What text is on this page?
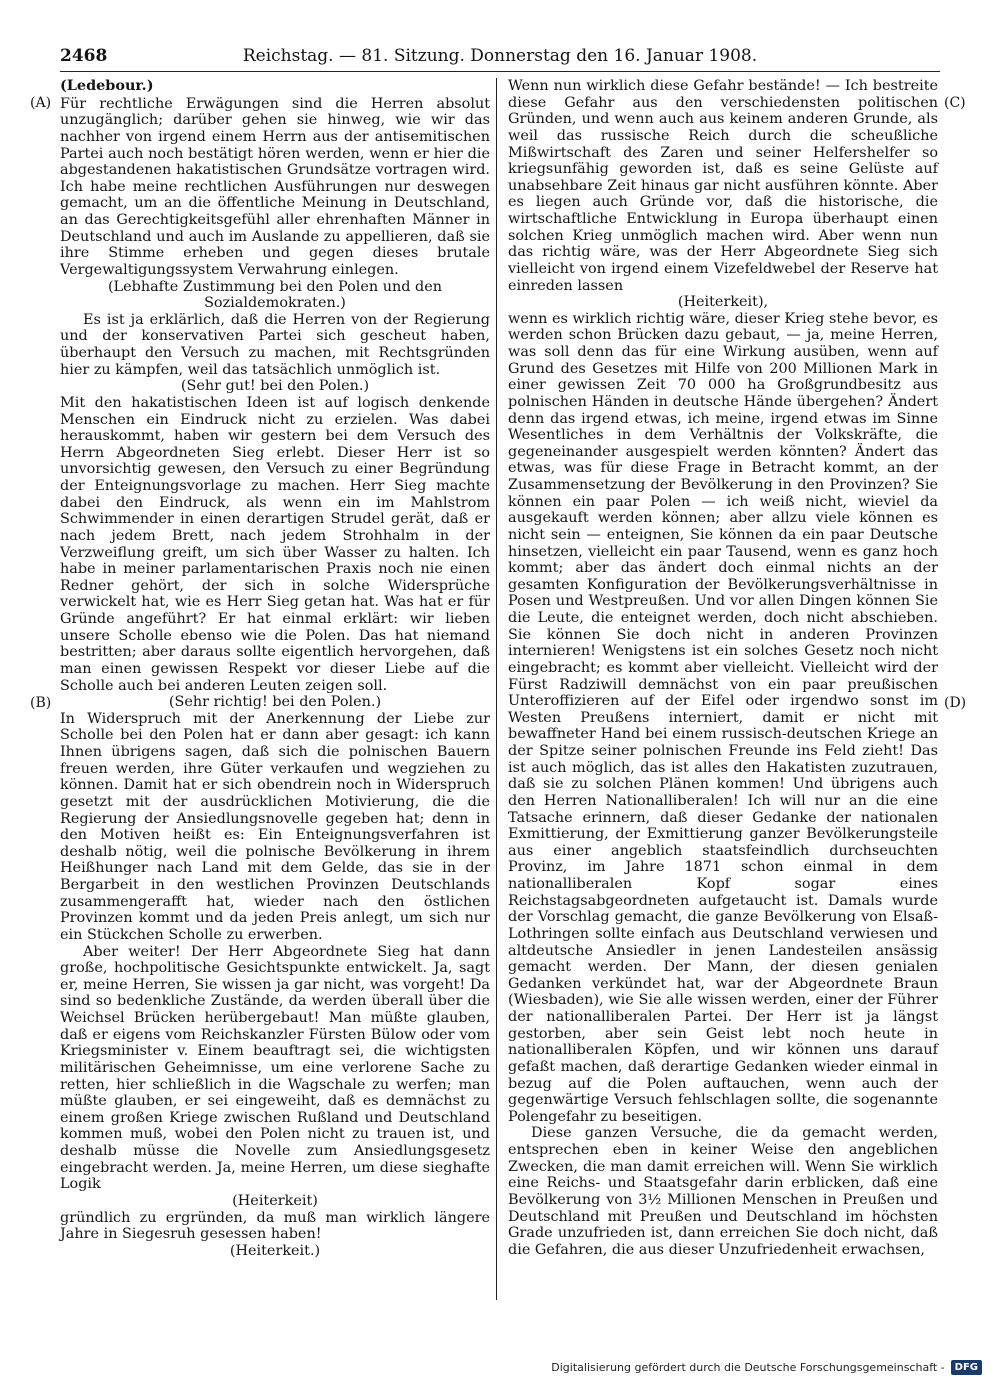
2468	Reichstag. — 81. Sitzung. Donnerstag den 16. Januar 1908.
(A)
(B)
(C)
(D)

(Ledebour.)

Für rechtliche Erwägungen sind die Herren absolut unzugänglich; darüber gehen sie hinweg, wie wir das nachher von irgend einem Herrn aus der antisemitischen Partei auch noch bestätigt hören werden, wenn er hier die abgestandenen hakatistischen Grundsätze vortragen wird. Ich habe meine rechtlichen Ausführungen nur deswegen gemacht, um an die öffentliche Meinung in Deutschland, an das Gerechtigkeitsgefühl aller ehrenhaften Männer in Deutschland und auch im Auslande zu appellieren, daß sie ihre Stimme erheben und gegen dieses brutale Vergewaltigungssystem Verwahrung einlegen.

(Lebhafte Zustimmung bei den Polen und den Sozialdemokraten.)

Es ist ja erklärlich, daß die Herren von der Regierung und der konservativen Partei sich gescheut haben, überhaupt den Versuch zu machen, mit Rechtsgründen hier zu kämpfen, weil das tatsächlich unmöglich ist.

(Sehr gut! bei den Polen.)

Mit den hakatistischen Ideen ist auf logisch denkende Menschen ein Eindruck nicht zu erzielen. Was dabei herauskommt, haben wir gestern bei dem Versuch des Herrn Abgeordneten Sieg erlebt. Dieser Herr ist so unvorsichtig gewesen, den Versuch zu einer Begründung der Enteignungsvorlage zu machen. Herr Sieg machte dabei den Eindruck, als wenn ein im Mahlstrom Schwimmender in einen derartigen Strudel gerät, daß er nach jedem Brett, nach jedem Strohhalm in der Verzweiflung greift, um sich über Wasser zu halten. Ich habe in meiner parlamentarischen Praxis noch nie einen Redner gehört, der sich in solche Widersprüche verwickelt hat, wie es Herr Sieg getan hat. Was hat er für Gründe angeführt? Er hat einmal erklärt: wir lieben unsere Scholle ebenso wie die Polen. Das hat niemand bestritten; aber daraus sollte eigentlich hervorgehen, daß man einen gewissen Respekt vor dieser Liebe auf die Scholle auch bei anderen Leuten zeigen soll.

(Sehr richtig! bei den Polen.)

In Widerspruch mit der Anerkennung der Liebe zur Scholle bei den Polen hat er dann aber gesagt: ich kann Ihnen übrigens sagen, daß sich die polnischen Bauern freuen werden, ihre Güter verkaufen und wegziehen zu können. Damit hat er sich obendrein noch in Widerspruch gesetzt mit der ausdrücklichen Motivierung, die die Regierung der Ansiedlungsnovelle gegeben hat; denn in den Motiven heißt es: Ein Enteignungsverfahren ist deshalb nötig, weil die polnische Bevölkerung in ihrem Heißhunger nach Land mit dem Gelde, das sie in der Bergarbeit in den westlichen Provinzen Deutschlands zusammengerafft hat, wieder nach den östlichen Provinzen kommt und da jeden Preis anlegt, um sich nur ein Stückchen Scholle zu erwerben.

Aber weiter! Der Herr Abgeordnete Sieg hat dann große, hochpolitische Gesichtspunkte entwickelt. Ja, sagt er, meine Herren, Sie wissen ja gar nicht, was vorgeht! Da sind so bedenkliche Zustände, da werden überall über die Weichsel Brücken herübergebaut! Man müßte glauben, daß er eigens vom Reichskanzler Fürsten Bülow oder vom Kriegsminister v. Einem beauftragt sei, die wichtigsten militärischen Geheimnisse, um eine verlorene Sache zu retten, hier schließlich in die Wagschale zu werfen; man müßte glauben, er sei eingeweiht, daß es demnächst zu einem großen Kriege zwischen Rußland und Deutschland kommen muß, wobei den Polen nicht zu trauen ist, und deshalb müsse die Novelle zum Ansiedlungsgesetz eingebracht werden. Ja, meine Herren, um diese sieghafte Logik

(Heiterkeit)

gründlich zu ergründen, da muß man wirklich längere Jahre in Siegesruh gesessen haben!

(Heiterkeit.)

Wenn nun wirklich diese Gefahr bestände! — Ich bestreite diese Gefahr aus den verschiedensten politischen Gründen, und wenn auch aus keinem anderen Grunde, als weil das russische Reich durch die scheußliche Mißwirtschaft des Zaren und seiner Helfershelfer so kriegsunfähig geworden ist, daß es seine Gelüste auf unabsehbare Zeit hinaus gar nicht ausführen könnte. Aber es liegen auch Gründe vor, daß die historische, die wirtschaftliche Entwicklung in Europa überhaupt einen solchen Krieg unmöglich machen wird. Aber wenn nun das richtig wäre, was der Herr Abgeordnete Sieg sich vielleicht von irgend einem Vizefeldwebel der Reserve hat einreden lassen

(Heiterkeit),

wenn es wirklich richtig wäre, dieser Krieg stehe bevor, es werden schon Brücken dazu gebaut, — ja, meine Herren, was soll denn das für eine Wirkung ausüben, wenn auf Grund des Gesetzes mit Hilfe von 200 Millionen Mark in einer gewissen Zeit 70 000 ha Großgrundbesitz aus polnischen Händen in deutsche Hände übergehen? Ändert denn das irgend etwas, ich meine, irgend etwas im Sinne Wesentliches in dem Verhältnis der Volkskräfte, die gegeneinander ausgespielt werden könnten? Ändert das etwas, was für diese Frage in Betracht kommt, an der Zusammensetzung der Bevölkerung in den Provinzen? Sie können ein paar Polen — ich weiß nicht, wieviel da ausgekauft werden können; aber allzu viele können es nicht sein — enteignen, Sie können da ein paar Deutsche hinsetzen, vielleicht ein paar Tausend, wenn es ganz hoch kommt; aber das ändert doch einmal nichts an der gesamten Konfiguration der Bevölkerungsverhältnisse in Posen und Westpreußen. Und vor allen Dingen können Sie die Leute, die enteignet werden, doch nicht abschieben. Sie können Sie doch nicht in anderen Provinzen internieren! Wenigstens ist ein solches Gesetz noch nicht eingebracht; es kommt aber vielleicht. Vielleicht wird der Fürst Radziwill demnächst von ein paar preußischen Unteroffizieren auf der Eifel oder irgendwo sonst im Westen Preußens interniert, damit er nicht mit bewaffneter Hand bei einem russisch-deutschen Kriege an der Spitze seiner polnischen Freunde ins Feld zieht! Das ist auch möglich, das ist alles den Hakatisten zuzutrauen, daß sie zu solchen Plänen kommen! Und übrigens auch den Herren Nationalliberalen! Ich will nur an die eine Tatsache erinnern, daß dieser Gedanke der nationalen Exmittierung, der Exmittierung ganzer Bevölkerungsteile aus einer angeblich staatsfeindlich durchseuchten Provinz, im Jahre 1871 schon einmal in dem nationalliberalen Kopf sogar eines Reichstagsabgeordneten aufgetaucht ist. Damals wurde der Vorschlag gemacht, die ganze Bevölkerung von Elsaß-Lothringen sollte einfach aus Deutschland verwiesen und altdeutsche Ansiedler in jenen Landesteilen ansässig gemacht werden. Der Mann, der diesen genialen Gedanken verkündet hat, war der Abgeordnete Braun (Wiesbaden), wie Sie alle wissen werden, einer der Führer der nationalliberalen Partei. Der Herr ist ja längst gestorben, aber sein Geist lebt noch heute in nationalliberalen Köpfen, und wir können uns darauf gefaßt machen, daß derartige Gedanken wieder einmal in bezug auf die Polen auftauchen, wenn auch der gegenwärtige Versuch fehlschlagen sollte, die sogenannte Polengefahr zu beseitigen.

Diese ganzen Versuche, die da gemacht werden, entsprechen eben in keiner Weise den angeblichen Zwecken, die man damit erreichen will. Wenn Sie wirklich eine Reichs- und Staatsgefahr darin erblicken, daß eine Bevölkerung von 3½ Millionen Menschen in Preußen und Deutschland mit Preußen und Deutschland im höchsten Grade unzufrieden ist, dann erreichen Sie doch nicht, daß die Gefahren, die aus dieser Unzufriedenheit erwachsen,

Digitalisierung gefördert durch die Deutsche Forschungsgemeinschaft -	DFG
